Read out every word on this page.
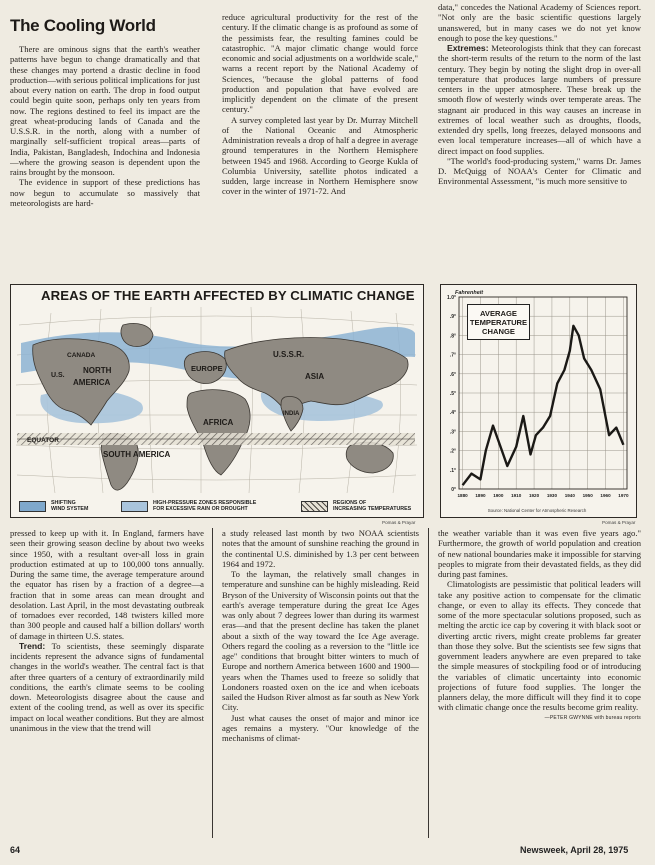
The Cooling World

There are ominous signs that the earth's weather patterns have begun to change dramatically and that these changes may portend a drastic decline in food production—with serious political implications for just about every nation on earth. The drop in food output could begin quite soon, perhaps only ten years from now. The regions destined to feel its impact are the great wheat-producing lands of Canada and the U.S.S.R. in the north, along with a number of marginally self-sufficient tropical areas—parts of India, Pakistan, Bangladesh, Indochina and Indonesia—where the growing season is dependent upon the rains brought by the monsoon.

The evidence in support of these predictions has now begun to accumulate so massively that meteorologists are hard-

reduce agricultural productivity for the rest of the century. If the climatic change is as profound as some of the pessimists fear, the resulting famines could be catastrophic. "A major climatic change would force economic and social adjustments on a worldwide scale," warns a recent report by the National Academy of Sciences, "because the global patterns of food production and population that have evolved are implicitly dependent on the climate of the present century."

A survey completed last year by Dr. Murray Mitchell of the National Oceanic and Atmospheric Administration reveals a drop of half a degree in average ground temperatures in the Northern Hemisphere between 1945 and 1968. According to George Kukla of Columbia University, satellite photos indicated a sudden, large increase in Northern Hemisphere snow cover in the winter of 1971-72. And

data," concedes the National Academy of Sciences report. "Not only are the basic scientific questions largely unanswered, but in many cases we do not yet know enough to pose the key questions."

Extremes: Meteorologists think that they can forecast the short-term results of the return to the norm of the last century. They begin by noting the slight drop in over-all temperature that produces large numbers of pressure centers in the upper atmosphere. These break up the smooth flow of westerly winds over temperate areas. The stagnant air produced in this way causes an increase in extremes of local weather such as droughts, floods, extended dry spells, long freezes, delayed monsoons and even local temperature increases—all of which have a direct impact on food supplies.

"The world's food-producing system," warns Dr. James D. McQuigg of NOAA's Center for Climatic and Environmental Assessment, "is much more sensitive to

AREAS OF THE EARTH AFFECTED BY CLIMATIC CHANGE
CANADA
NORTH
AMERICA
U.S.
EUROPE
U.S.S.R.
ASIA
INDIA
AFRICA
EQUATOR
SOUTH AMERICA
SHIFTING
WIND SYSTEM
HIGH-PRESSURE ZONES RESPONSIBLE
FOR EXCESSIVE RAIN OR DROUGHT
REGIONS OF
INCREASING TEMPERATURES
Pomas & Prayar
Fahrenheit
0°
.1°
.2°
.3°
.4°
.5°
.6°
.7°
.8°
.9°
1.0°
1880 1890 1900 1910 1920 1930 1940 1950 1960 1970
Source: National Center for Atmospheric Research
AVERAGE TEMPERATURE CHANGE
Pomas & Prayar

pressed to keep up with it. In England, farmers have seen their growing season decline by about two weeks since 1950, with a resultant over-all loss in grain production estimated at up to 100,000 tons annually. During the same time, the average temperature around the equator has risen by a fraction of a degree—a fraction that in some areas can mean drought and desolation. Last April, in the most devastating outbreak of tornadoes ever recorded, 148 twisters killed more than 300 people and caused half a billion dollars' worth of damage in thirteen U.S. states.

Trend: To scientists, these seemingly disparate incidents represent the advance signs of fundamental changes in the world's weather. The central fact is that after three quarters of a century of extraordinarily mild conditions, the earth's climate seems to be cooling down. Meteorologists disagree about the cause and extent of the cooling trend, as well as over its specific impact on local weather conditions. But they are almost unanimous in the view that the trend will

a study released last month by two NOAA scientists notes that the amount of sunshine reaching the ground in the continental U.S. diminished by 1.3 per cent between 1964 and 1972.

To the layman, the relatively small changes in temperature and sunshine can be highly misleading. Reid Bryson of the University of Wisconsin points out that the earth's average temperature during the great Ice Ages was only about 7 degrees lower than during its warmest eras—and that the present decline has taken the planet about a sixth of the way toward the Ice Age average. Others regard the cooling as a reversion to the "little ice age" conditions that brought bitter winters to much of Europe and northern America between 1600 and 1900—years when the Thames used to freeze so solidly that Londoners roasted oxen on the ice and when iceboats sailed the Hudson River almost as far south as New York City.

Just what causes the onset of major and minor ice ages remains a mystery. "Our knowledge of the mechanisms of climat-

the weather variable than it was even five years ago." Furthermore, the growth of world population and creation of new national boundaries make it impossible for starving peoples to migrate from their devastated fields, as they did during past famines.

Climatologists are pessimistic that political leaders will take any positive action to compensate for the climatic change, or even to allay its effects. They concede that some of the more spectacular solutions proposed, such as melting the arctic ice cap by covering it with black soot or diverting arctic rivers, might create problems far greater than those they solve. But the scientists see few signs that government leaders anywhere are even prepared to take the simple measures of stockpiling food or of introducing the variables of climatic uncertainty into economic projections of future food supplies. The longer the planners delay, the more difficult will they find it to cope with climatic change once the results become grim reality.

—PETER GWYNNE with bureau reports
64	Newsweek, April 28, 1975
